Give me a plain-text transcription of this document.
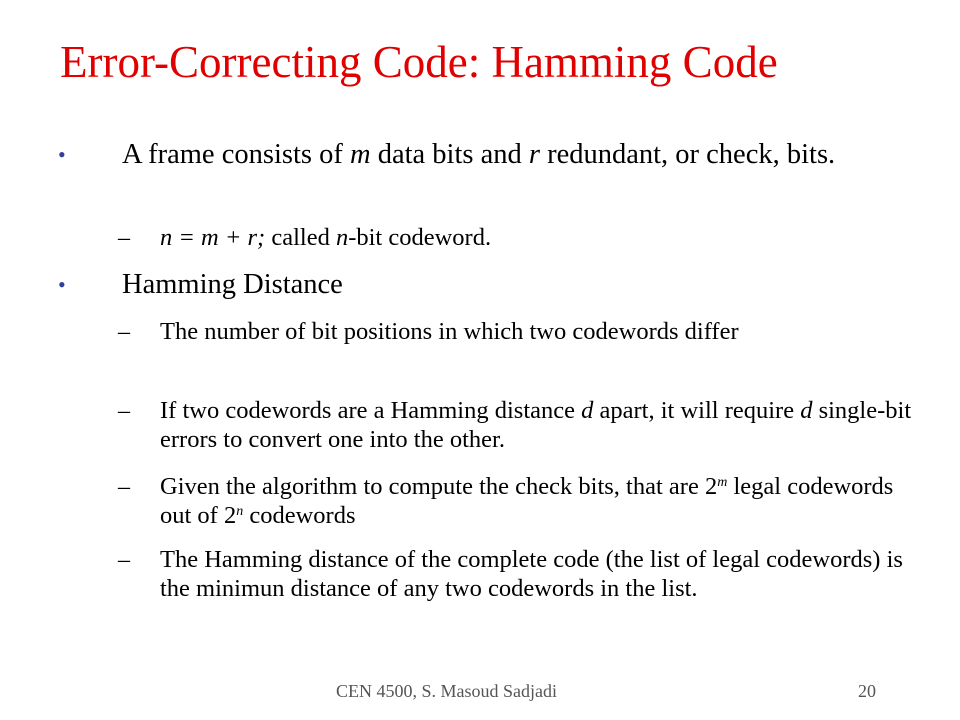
Error-Correcting Code: Hamming Code
• A frame consists of m data bits and r redundant, or check, bits.
– n = m + r; called n-bit codeword.
• Hamming Distance
– The number of bit positions in which two codewords differ
– If two codewords are a Hamming distance d apart, it will require d single-bit errors to convert one into the other.
– Given the algorithm to compute the check bits, that are 2$^m$ legal codewords out of 2$^n$ codewords
– The Hamming distance of the complete code (the list of legal codewords) is the minimun distance of any two codewords in the list.
CEN 4500, S. Masoud Sadjadi	20
